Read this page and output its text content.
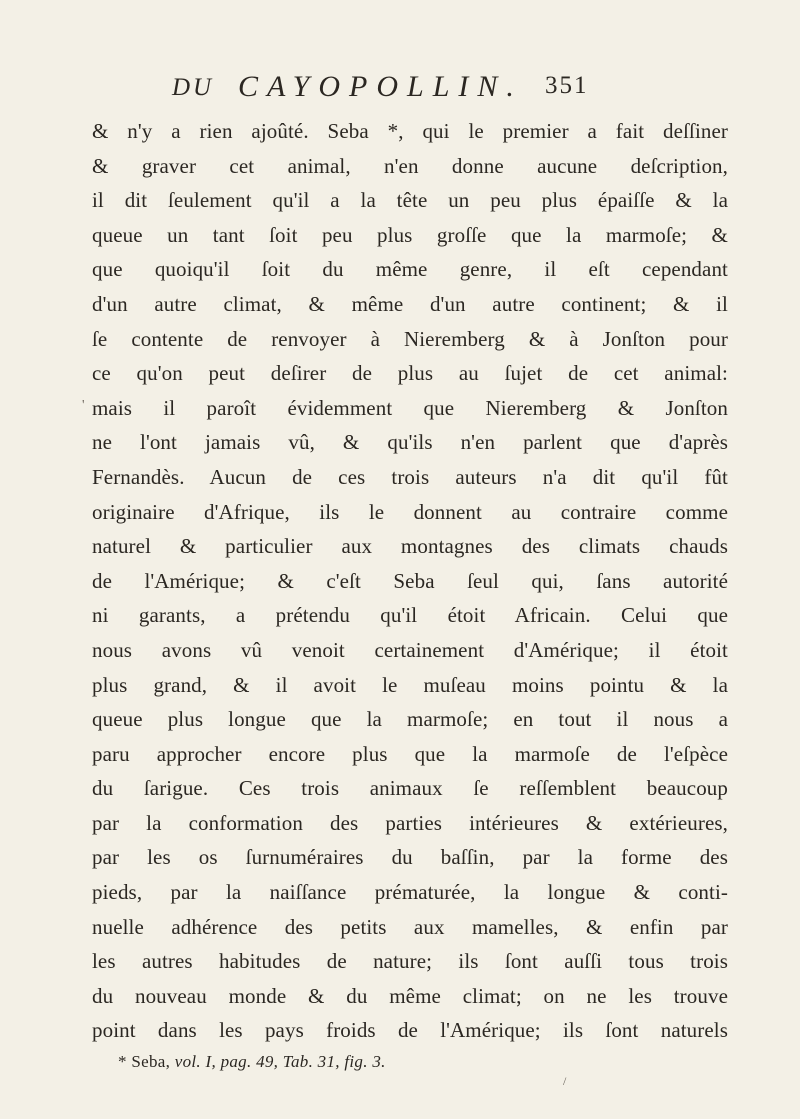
DU CAYOPOLLIN. 351
'
& n'y a rien ajoûté. Seba *, qui le premier a fait deſſiner
& graver cet animal, n'en donne aucune deſcription,
il dit ſeulement qu'il a la tête un peu plus épaiſſe & la
queue un tant ſoit peu plus groſſe que la marmoſe; &
que quoiqu'il ſoit du même genre, il eſt cependant
d'un autre climat, & même d'un autre continent; & il
ſe contente de renvoyer à Nieremberg & à Jonſton pour
ce qu'on peut deſirer de plus au ſujet de cet animal:
mais il paroît évidemment que Nieremberg & Jonſton
ne l'ont jamais vû, & qu'ils n'en parlent que d'après
Fernandès. Aucun de ces trois auteurs n'a dit qu'il fût
originaire d'Afrique, ils le donnent au contraire comme
naturel & particulier aux montagnes des climats chauds
de l'Amérique; & c'eſt Seba ſeul qui, ſans autorité
ni garants, a prétendu qu'il étoit Africain. Celui que
nous avons vû venoit certainement d'Amérique; il étoit
plus grand, & il avoit le muſeau moins pointu & la
queue plus longue que la marmoſe; en tout il nous a
paru approcher encore plus que la marmoſe de l'eſpèce
du ſarigue. Ces trois animaux ſe reſſemblent beaucoup
par la conformation des parties intérieures & extérieures,
par les os ſurnuméraires du baſſin, par la forme des
pieds, par la naiſſance prématurée, la longue & conti-
nuelle adhérence des petits aux mamelles, & enfin par
les autres habitudes de nature; ils ſont auſſi tous trois
du nouveau monde & du même climat; on ne les trouve
point dans les pays froids de l'Amérique; ils ſont naturels
* Seba, vol. I, pag. 49, Tab. 31, fig. 3.
/
